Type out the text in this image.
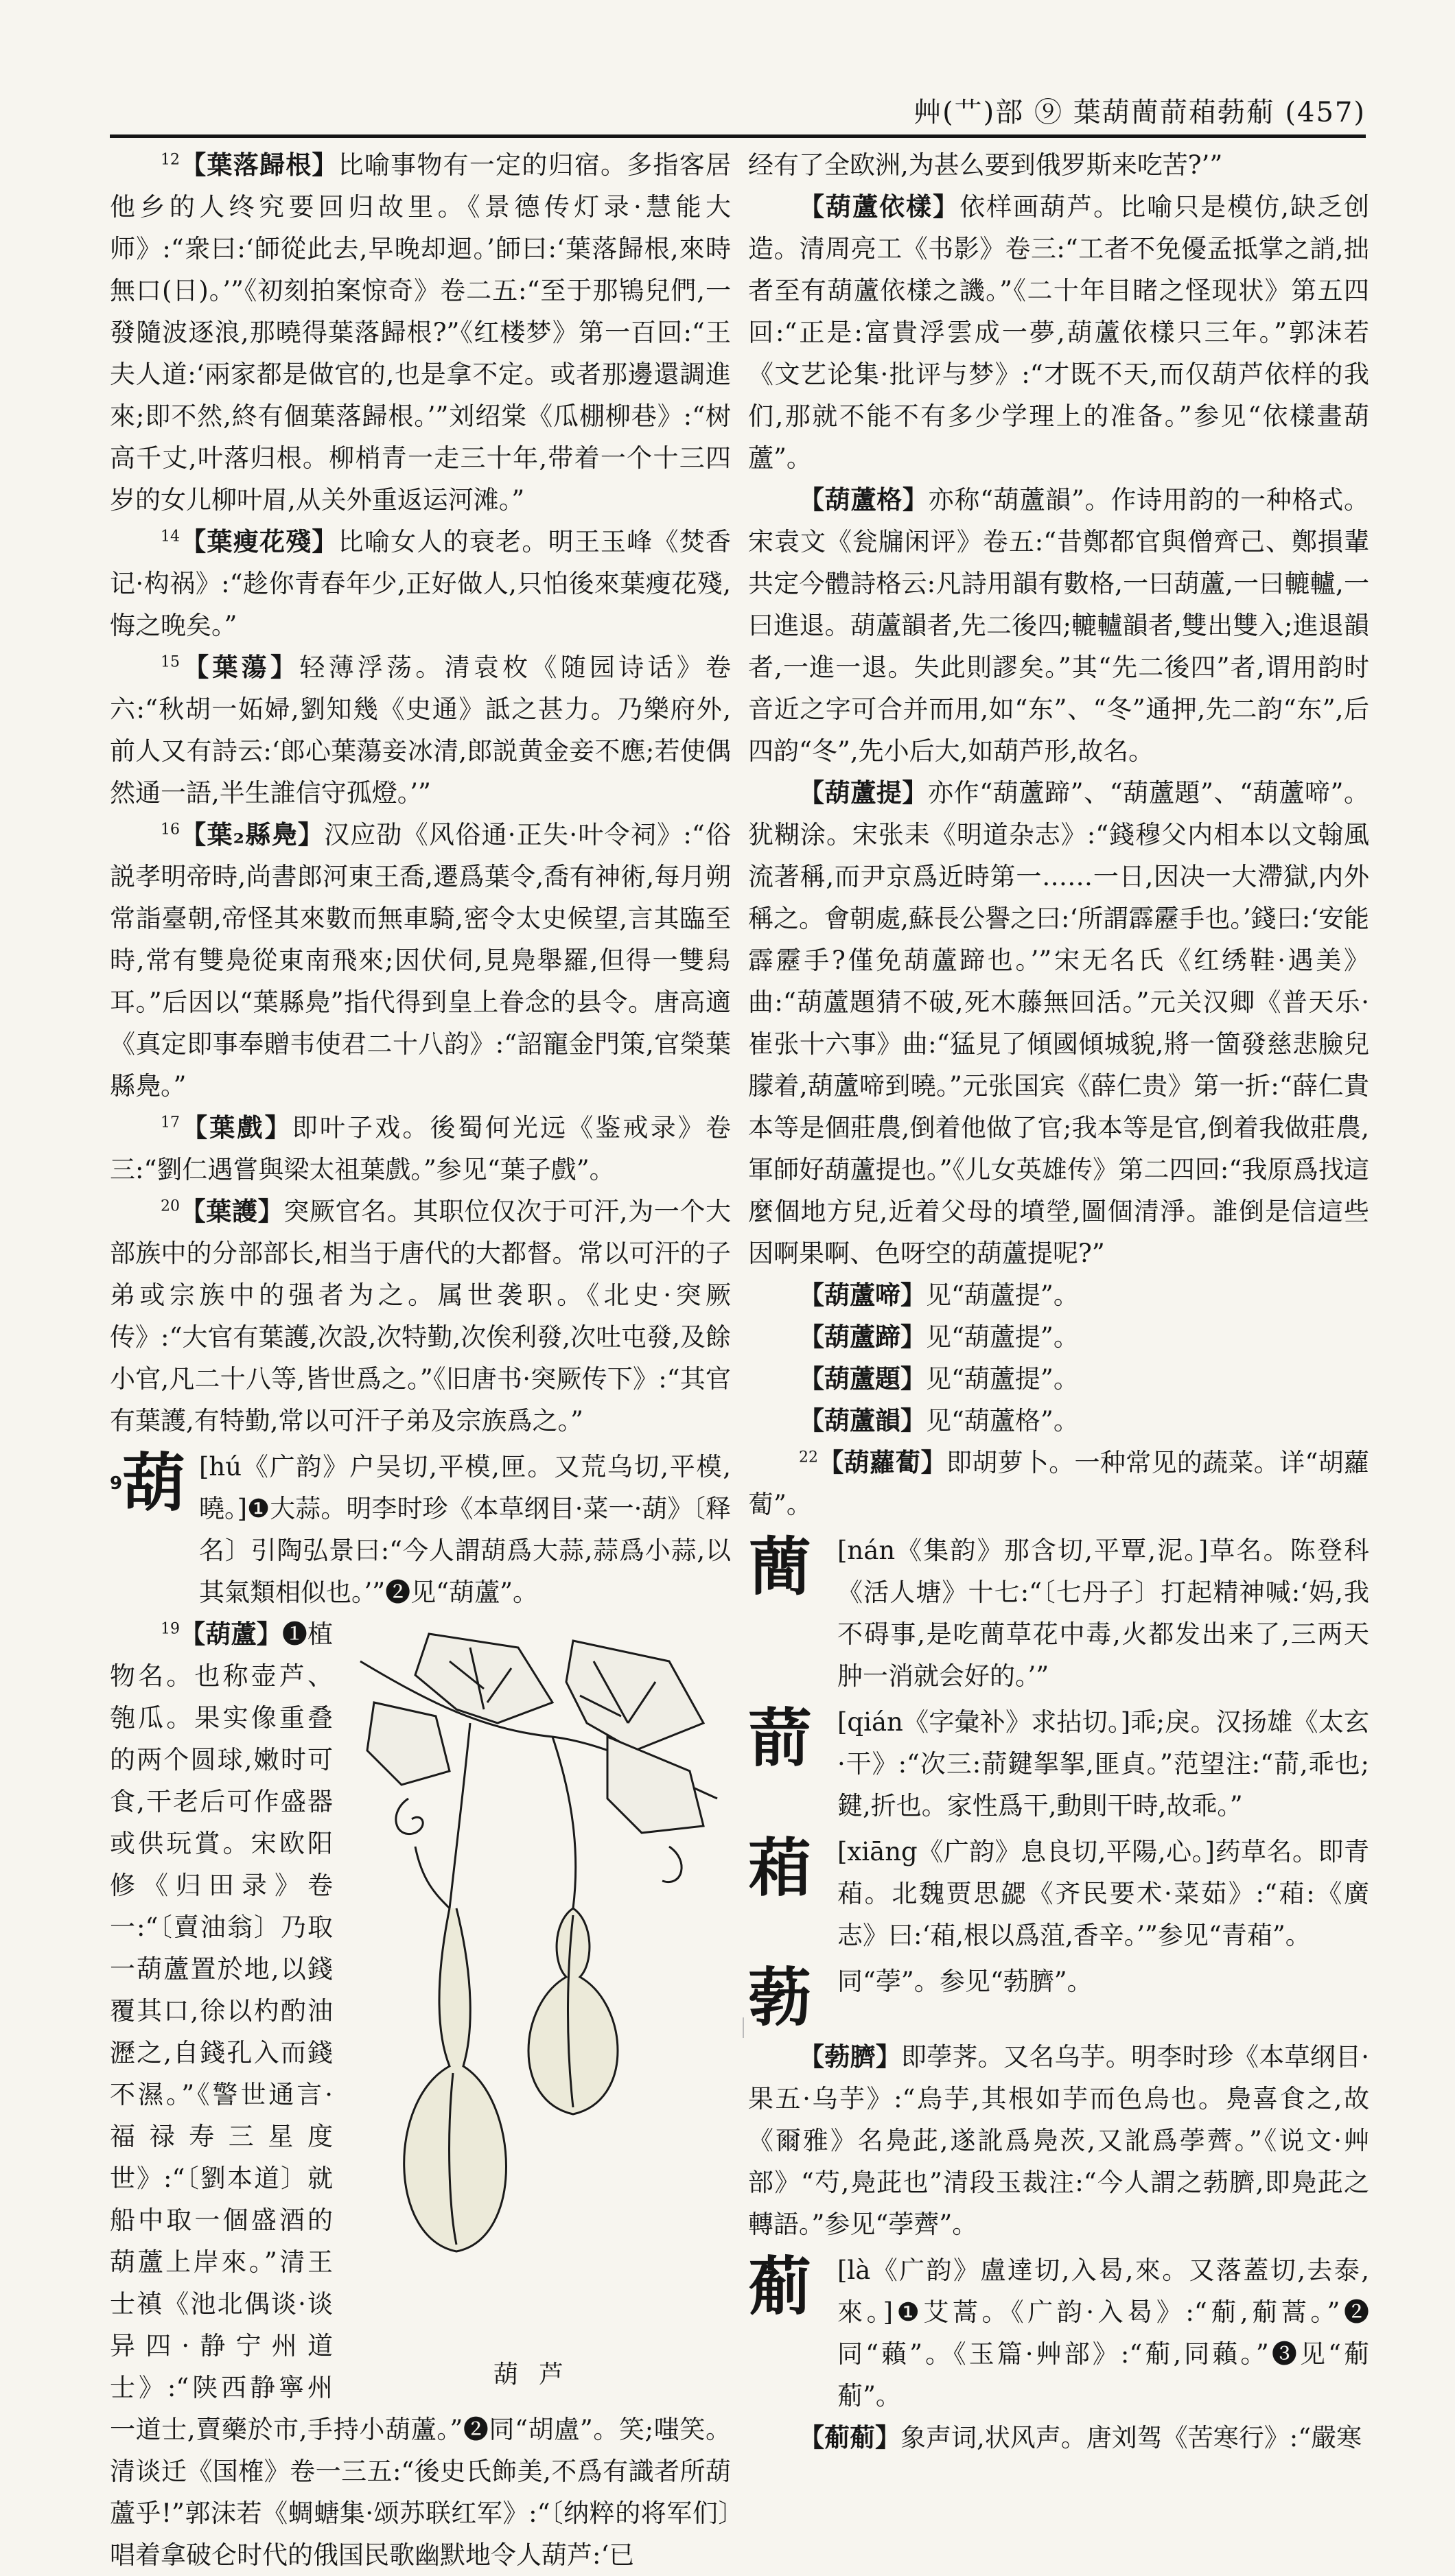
艸(艹)部 ⑨ 葉葫蕳葥葙葧葪 (457)

$^{12}$【葉落歸根】比喻事物有一定的归宿。多指客居他乡的人终究要回归故里。《景德传灯录·慧能大师》:“衆曰:‘師從此去,早晚却迴。’師曰:‘葉落歸根,來時無口(日)。’”《初刻拍案惊奇》卷二五:“至于那鴇兒們,一發隨波逐浪,那曉得葉落歸根?”《红楼梦》第一百回:“王夫人道:‘兩家都是做官的,也是拿不定。或者那邊還調進來;即不然,終有個葉落歸根。’”刘绍棠《瓜棚柳巷》:“树高千丈,叶落归根。柳梢青一走三十年,带着一个十三四岁的女儿柳叶眉,从关外重返运河滩。”

$^{14}$【葉瘦花殘】比喻女人的衰老。明王玉峰《焚香记·构祸》:“趁你青春年少,正好做人,只怕後來葉瘦花殘,悔之晚矣。”

$^{15}$【葉蕩】轻薄浮荡。清袁枚《随园诗话》卷六:“秋胡一妬婦,劉知幾《史通》詆之甚力。乃樂府外,前人又有詩云:‘郎心葉蕩妾冰清,郎説黄金妾不應;若使偶然通一語,半生誰信守孤燈。’”

$^{16}$【葉₂縣鳧】汉应劭《风俗通·正失·叶令祠》:“俗説孝明帝時,尚書郎河東王喬,遷爲葉令,喬有神術,每月朔常詣臺朝,帝怪其來數而無車騎,密令太史候望,言其臨至時,常有雙鳧從東南飛來;因伏伺,見鳧舉羅,但得一雙舄耳。”后因以“葉縣鳧”指代得到皇上眷念的县令。唐高適《真定即事奉贈韦使君二十八韵》:“詔寵金門策,官榮葉縣鳧。”

$^{17}$【葉戲】即叶子戏。後蜀何光远《鉴戒录》卷三:“劉仁遇嘗與梁太祖葉戲。”参见“葉子戲”。

$^{20}$【葉護】突厥官名。其职位仅次于可汗,为一个大部族中的分部部长,相当于唐代的大都督。常以可汗的子弟或宗族中的强者为之。属世袭职。《北史·突厥传》:“大官有葉護,次設,次特勤,次俟利發,次吐屯發,及餘小官,凡二十八等,皆世爲之。”《旧唐书·突厥传下》:“其官有葉護,有特勤,常以可汗子弟及宗族爲之。”

$^9$葫 [hú《广韵》户吴切,平模,匣。又荒乌切,平模,曉。]❶大蒜。明李时珍《本草纲目·菜一·葫》〔释名〕引陶弘景曰:“今人謂葫爲大蒜,蒜爲小蒜,以其氣類相似也。’”❷见“葫蘆”。
葫芦

$^{19}$【葫蘆】❶植物名。也称壶芦、匏瓜。果实像重叠的两个圆球,嫩时可食,干老后可作盛器或供玩賞。宋欧阳修《归田录》卷一:“〔賣油翁〕乃取一葫蘆置於地,以錢覆其口,徐以杓酌油瀝之,自錢孔入而錢不濕。”《警世通言·福禄寿三星度世》:“〔劉本道〕就船中取一個盛酒的葫蘆上岸來。”清王士禛《池北偶谈·谈异四·静宁州道士》:“陕西静寧州一道士,賣藥於市,手持小葫蘆。”❷同“胡盧”。笑;嗤笑。清谈迁《国榷》卷一三五:“後史氏飾美,不爲有識者所葫蘆乎!”郭沫若《蜩螗集·颂苏联红军》:“〔纳粹的将军们〕唱着拿破仑时代的俄国民歌幽默地令人葫芦:‘已

经有了全欧洲,为甚么要到俄罗斯来吃苦?’”

【葫蘆依樣】依样画葫芦。比喻只是模仿,缺乏创造。清周亮工《书影》卷三:“工者不免優孟抵掌之誚,拙者至有葫蘆依樣之譏。”《二十年目睹之怪现状》第五四回:“正是:富貴浮雲成一夢,葫蘆依樣只三年。”郭沫若《文艺论集·批评与梦》:“才既不天,而仅葫芦依样的我们,那就不能不有多少学理上的准备。”参见“依樣畫葫蘆”。

【葫蘆格】亦称“葫蘆韻”。作诗用韵的一种格式。宋袁文《瓮牖闲评》卷五:“昔鄭都官與僧齊己、鄭損輩共定今體詩格云:凡詩用韻有數格,一曰葫蘆,一曰轆轤,一曰進退。葫蘆韻者,先二後四;轆轤韻者,雙出雙入;進退韻者,一進一退。失此則謬矣。”其“先二後四”者,谓用韵时音近之字可合并而用,如“东”、“冬”通押,先二韵“东”,后四韵“冬”,先小后大,如葫芦形,故名。

【葫蘆提】亦作“葫蘆蹄”、“葫蘆題”、“葫蘆啼”。犹糊涂。宋张耒《明道杂志》:“錢穆父内相本以文翰風流著稱,而尹京爲近時第一……一日,因决一大滯獄,内外稱之。會朝處,蘇長公譽之曰:‘所謂霹靂手也。’錢曰:‘安能霹靂手?僅免葫蘆蹄也。’”宋无名氏《红绣鞋·遇美》曲:“葫蘆題猜不破,死木藤無回活。”元关汉卿《普天乐·崔张十六事》曲:“猛見了傾國傾城貌,將一箇發慈悲臉兒朦着,葫蘆啼到曉。”元张国宾《薛仁贵》第一折:“薛仁貴本等是個莊農,倒着他做了官;我本等是官,倒着我做莊農,軍師好葫蘆提也。”《儿女英雄传》第二四回:“我原爲找這麼個地方兒,近着父母的墳塋,圖個清淨。誰倒是信這些因啊果啊、色呀空的葫蘆提呢?”

【葫蘆啼】见“葫蘆提”。

【葫蘆蹄】见“葫蘆提”。

【葫蘆題】见“葫蘆提”。

【葫蘆韻】见“葫蘆格”。

$^{22}$【葫蘿蔔】即胡萝卜。一种常见的蔬菜。详“胡蘿蔔”。

蕳	[nán《集韵》那含切,平覃,泥。]草名。陈登科《活人塘》十七:“〔七丹子〕打起精神喊:‘妈,我不碍事,是吃蕳草花中毒,火都发出来了,三两天肿一消就会好的。’”
葥	[qián《字彙补》求拈切。]乖;戾。汉扬雄《太玄·干》:“次三:葥鍵挐挐,匪貞。”范望注:“葥,乖也;鍵,折也。家性爲干,動則干時,故乖。”
葙	[xiāng《广韵》息良切,平陽,心。]药草名。即青葙。北魏贾思勰《齐民要术·菜茹》:“葙:《廣志》曰:‘葙,根以爲菹,香辛。’”参见“青葙”。
葧	同“荸”。参见“葧臍”。

【葧臍】即荸荠。又名乌芋。明李时珍《本草纲目·果五·乌芋》:“烏芋,其根如芋而色烏也。鳧喜食之,故《爾雅》名鳧茈,遂訛爲鳧茨,又訛爲荸薺。”《说文·艸部》“芍,鳧茈也”清段玉裁注:“今人謂之葧臍,即鳧茈之轉語。”参见“荸薺”。

葪	[là《广韵》盧達切,入曷,來。又落蓋切,去泰,來。]❶艾蒿。《广韵·入曷》:“葪,葪蒿。”❷同“藾”。《玉篇·艸部》:“葪,同藾。”❸见“葪葪”。

【葪葪】象声词,状风声。唐刘驾《苦寒行》:“嚴寒
